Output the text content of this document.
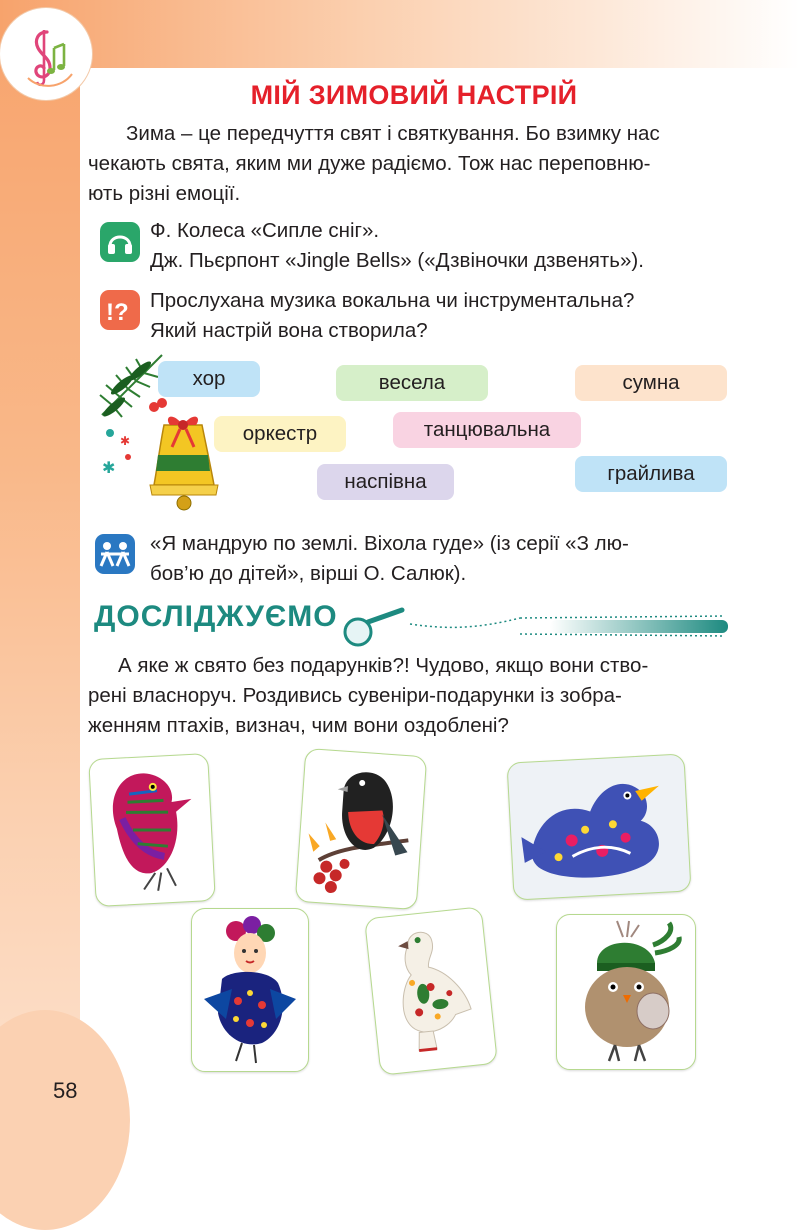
МІЙ ЗИМОВИЙ НАСТРІЙ
Зима – це передчуття свят і святкування. Бо взимку нас
чекають свята, яким ми дуже радіємо. Тож нас переповню-
ють різні емоції.
Ф. Колеса «Сипле сніг».
Дж. Пьєрпонт «Jingle Bells» («Дзвіночки дзвенять»).
!? Прослухана музика вокальна чи інструментальна?
Який настрій вона створила?
✱
✱
хор	весела	сумна
оркестр	танцювальна
наспівна	грайлива
«Я мандрую по землі. Віхола гуде» (із серії «З лю-
бов’ю до дітей», вірші О. Салюк).
ДОСЛІДЖУЄМО
А яке ж свято без подарунків?! Чудово, якщо вони ство-
рені власноруч. Роздивись сувеніри-подарунки із зобра-
женням птахів, визнач, чим вони оздоблені?
58
